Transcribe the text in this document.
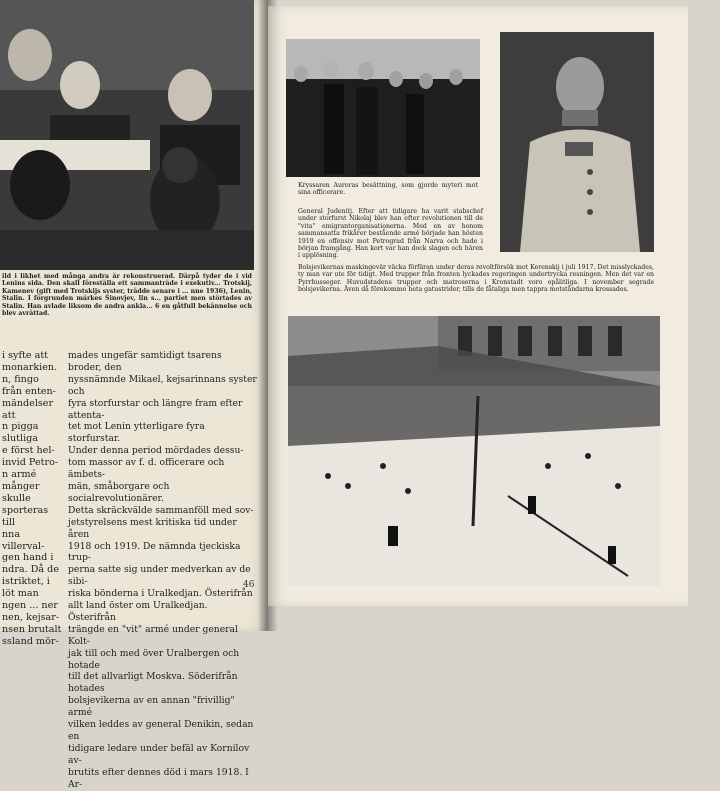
ild i likhet med många andra är rekonstruerad. Därpå tyder de i vid Lenins sida. Den skall föreställa ett sammanträde i exekutiv... Trotskij, Kamenev (gift med Trotskijs syster, trädde senare i ... nne 1936), Lenin, Stalin. I förgrunden märkes Sinovjev, lin s... partiet men störtades av Stalin. Han avlade liksom de andra ankla... 6 en gåtfull bekännelse och blev avrättad.

i syfte att
monarkien.
n, fingo
från enten-
mändelser att
n pigga slutliga
e först hel-
invid Petro-
n armé
månger skulle
sporteras till
nna villerval-
gen hand i
ndra. Då de
istriktet, i
löt man
ngen ... ner
nen, kejsar-
nsen brutalt
ssland mör-

mades ungefär samtidigt tsarens broder, den
nyssnämnde Mikael, kejsarinnans syster och
fyra storfurstar och längre fram efter attenta-
tet mot Lenin ytterligare fyra storfurstar.
Under denna period mördades dessu-
tom massor av f. d. officerare och ämbets-
män, småborgare och socialrevolutionärer.
Detta skräckvälde sammanföll med sov-
jetstyrelsens mest kritiska tid under åren
1918 och 1919. De nämnda tjeckiska trup-
perna satte sig under medverkan av de sibi-
riska bönderna i Uralkedjan. Österifrån
allt land öster om Uralkedjan. Österifrån
trängde en "vit" armé under general Kolt-
jak till och med över Uralbergen och hotade
till det allvarligt Moskva. Söderifrån hotades
bolsjevikerna av en annan "frivillig" armé
vilken leddes av general Denikin, sedan en
tidigare ledare under befäl av Kornilov av-
brutits efter dennes död i mars 1918. I Ar-

46

Kryssaren Auroras besättning, som gjorde myteri mot sina officerare.

General Judenitj. Efter att tidigare ha varit stabschef under storfurst Nikolaj blev han efter revolutionen till de "vita" emigrantorganisationerna. Med en av honom sammansatta frikårer bestående armé började han hösten 1919 en offensiv mot Petrograd från Narva och hade i början framgång. Han kort var han dock slagen och hären i upplösning.

Bolsjevikernas maskingevär väcka förfäran under deras revoltförsök mot Kerenskij i juli 1917. Det misslyckades, ty man var ute för tidigt. Med trupper från fronten lyckades regeringen undertrycka resningen. Men det var en Pyrrhusseger. Huvudstadens trupper och matroserna i Kronstadt voro opålitliga. I november segrade bolsjevikerna. Även då förekommo heta gatustrider, tills de fåtaliga men tappra motståndarna krossades.
